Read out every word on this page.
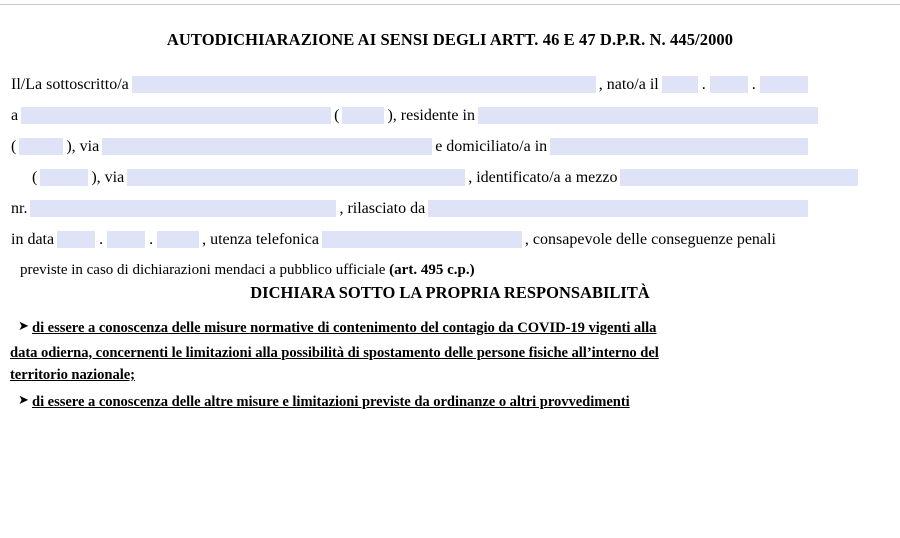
AUTODICHIARAZIONE AI SENSI DEGLI ARTT. 46 E 47 D.P.R. N. 445/2000
Il/La sottoscritto/a	, nato/a il	.	.
a	(	), residente in
(	), via	e domiciliato/a in
(	), via	, identificato/a a mezzo
nr.	, rilasciato da
in data	.	.	, utenza telefonica	, consapevole delle conseguenze penali
previste in caso di dichiarazioni mendaci a pubblico ufficiale (art. 495 c.p.)
DICHIARA SOTTO LA PROPRIA RESPONSABILITÀ
➤ di essere a conoscenza delle misure normative di contenimento del contagio da COVID-19 vigenti alla
data odierna, concernenti le limitazioni alla possibilità di spostamento delle persone fisiche all’interno del
territorio nazionale;
➤ di essere a conoscenza delle altre misure e limitazioni previste da ordinanze o altri provvedimenti
